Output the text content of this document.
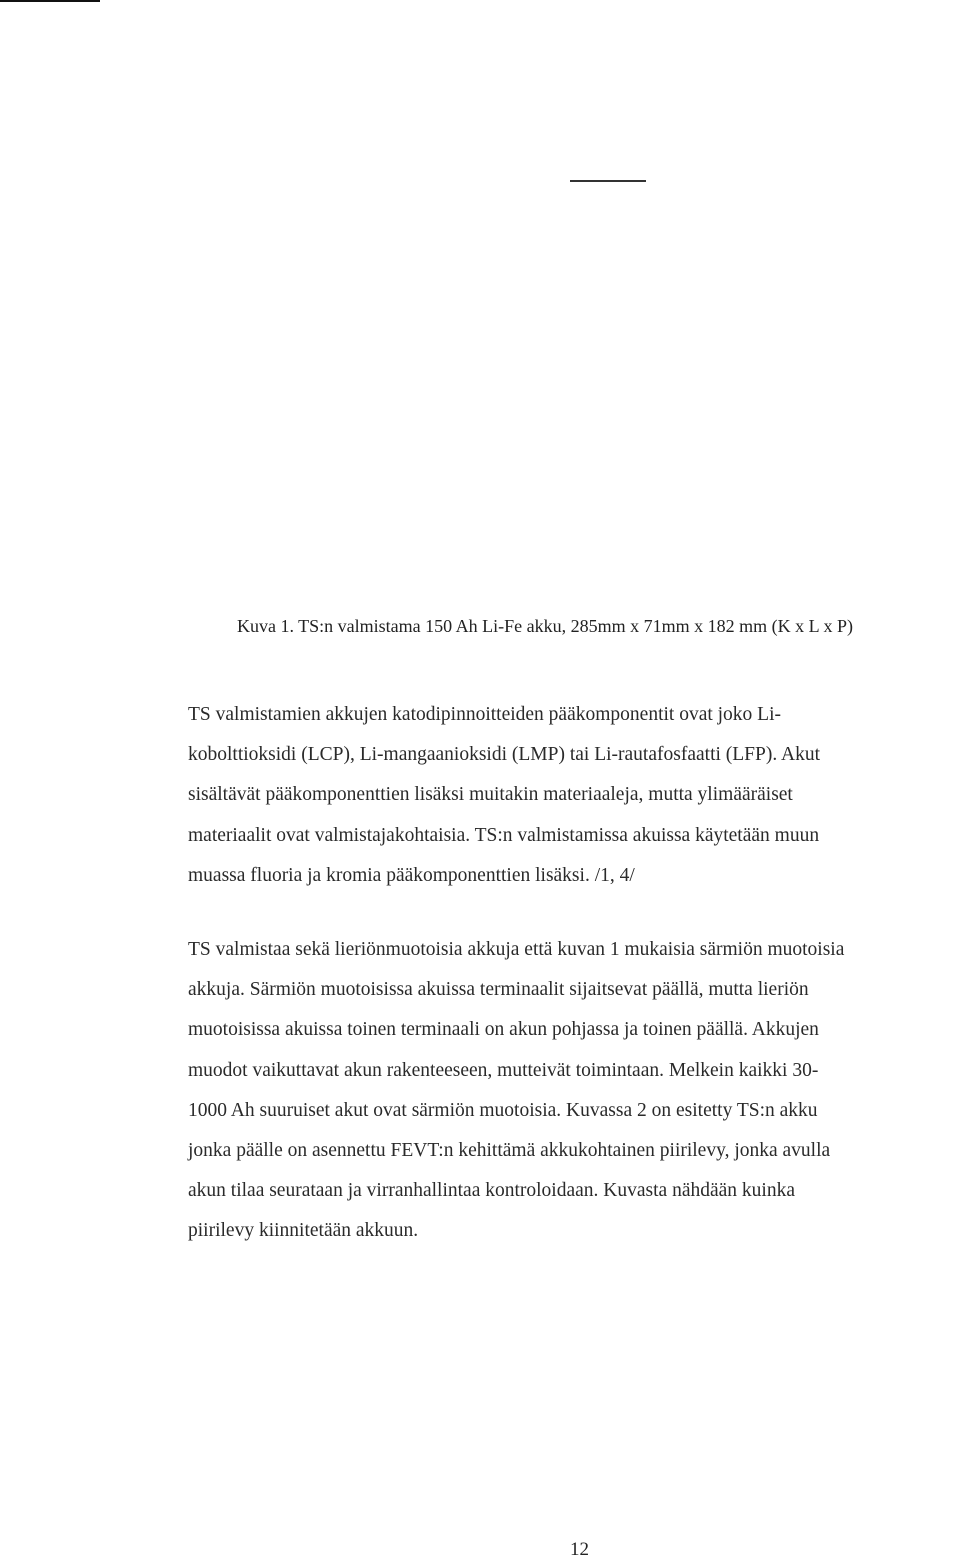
Kuva 1. TS:n valmistama 150 Ah Li-Fe akku, 285mm x 71mm x 182 mm (K x L x P)
TS valmistamien akkujen katodipinnoitteiden pääkomponentit ovat joko Li-
kobolttioksidi (LCP), Li-mangaanioksidi (LMP) tai Li-rautafosfaatti (LFP). Akut
sisältävät pääkomponenttien lisäksi muitakin materiaaleja, mutta ylimääräiset
materiaalit ovat valmistajakohtaisia. TS:n valmistamissa akuissa käytetään muun
muassa fluoria ja kromia pääkomponenttien lisäksi. /1, 4/
TS valmistaa sekä lieriönmuotoisia akkuja että kuvan 1 mukaisia särmiön muotoisia
akkuja. Särmiön muotoisissa akuissa terminaalit sijaitsevat päällä, mutta lieriön
muotoisissa akuissa toinen terminaali on akun pohjassa ja toinen päällä. Akkujen
muodot vaikuttavat akun rakenteeseen, mutteivät toimintaan. Melkein kaikki 30-
1000 Ah suuruiset akut ovat särmiön muotoisia. Kuvassa 2 on esitetty TS:n akku
jonka päälle on asennettu FEVT:n kehittämä akkukohtainen piirilevy, jonka avulla
akun tilaa seurataan ja virranhallintaa kontroloidaan. Kuvasta nähdään kuinka
piirilevy kiinnitetään akkuun.
12
